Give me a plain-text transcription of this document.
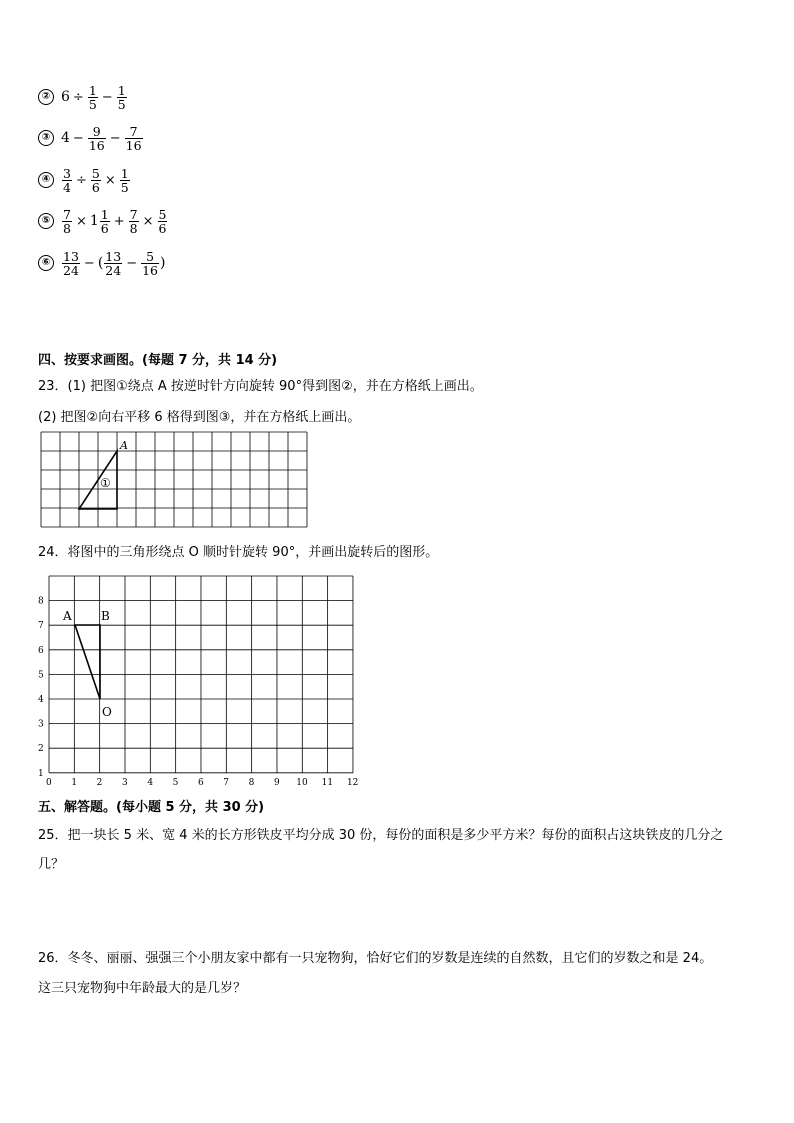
② $6 \div \frac{1}{5} - \frac{1}{5}$
③ $4 - \frac{9}{16} - \frac{7}{16}$
④ $\frac{3}{4} \div \frac{5}{6} \times \frac{1}{5}$
⑤ $\frac{7}{8} \times 1 \frac{1}{6} + \frac{7}{8} \times \frac{5}{6}$
⑥ $\frac{13}{24}$ − ( $\frac{13}{24} - \frac{5}{16}$ )
四、按要求画图。(每题 7 分，共 14 分)
23．(1) 把图①绕点 A 按逆时针方向旋转 90°得到图②，并在方格纸上画出。
(2) 把图②向右平移 6 格得到图③，并在方格纸上画出。
A
①
24．将图中的三角形绕点 O 顺时针旋转 90°，并画出旋转后的图形。
0 1 2 3 4 5 6 7 8 9 10 11 12
1
2
3
4
5
6
7
8
A B
O
五、解答题。(每小题 5 分，共 30 分)
25．把一块长 5 米、宽 4 米的长方形铁皮平均分成 30 份，每份的面积是多少平方米？每份的面积占这块铁皮的几分之
几？
26．冬冬、丽丽、强强三个小朋友家中都有一只宠物狗，恰好它们的岁数是连续的自然数，且它们的岁数之和是 24。
这三只宠物狗中年龄最大的是几岁？
